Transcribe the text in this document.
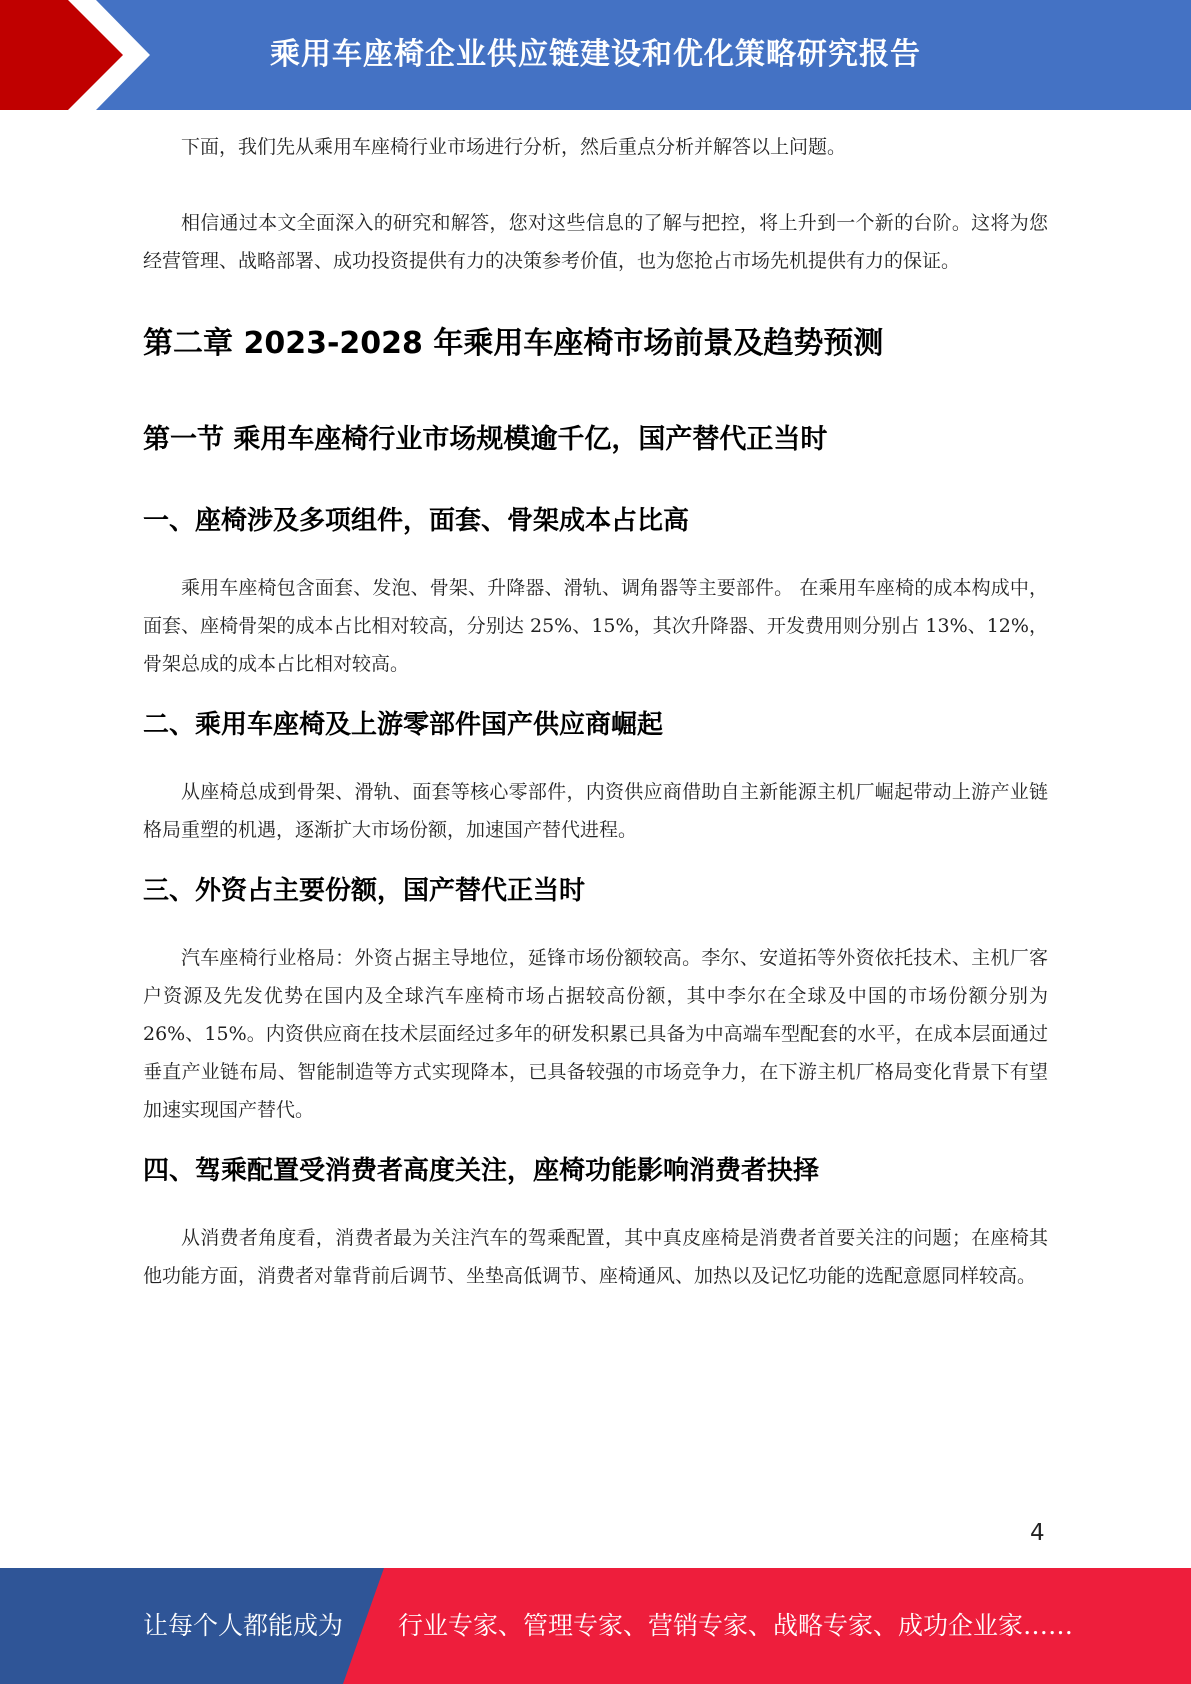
乘用车座椅企业供应链建设和优化策略研究报告

下面，我们先从乘用车座椅行业市场进行分析，然后重点分析并解答以上问题。

相信通过本文全面深入的研究和解答，您对这些信息的了解与把控，将上升到一个新的台阶。这将为您经营管理、战略部署、成功投资提供有力的决策参考价值，也为您抢占市场先机提供有力的保证。

第二章 2023-2028 年乘用车座椅市场前景及趋势预测
第一节 乘用车座椅行业市场规模逾千亿，国产替代正当时
一、座椅涉及多项组件，面套、骨架成本占比高

乘用车座椅包含面套、发泡、骨架、升降器、滑轨、调角器等主要部件。 在乘用车座椅的成本构成中，面套、座椅骨架的成本占比相对较高，分别达 25%、15%，其次升降器、开发费用则分别占 13%、12%，骨架总成的成本占比相对较高。

二、乘用车座椅及上游零部件国产供应商崛起

从座椅总成到骨架、滑轨、面套等核心零部件，内资供应商借助自主新能源主机厂崛起带动上游产业链格局重塑的机遇，逐渐扩大市场份额，加速国产替代进程。

三、外资占主要份额，国产替代正当时

汽车座椅行业格局：外资占据主导地位，延锋市场份额较高。李尔、安道拓等外资依托技术、主机厂客户资源及先发优势在国内及全球汽车座椅市场占据较高份额，其中李尔在全球及中国的市场份额分别为 26%、15%。内资供应商在技术层面经过多年的研发积累已具备为中高端车型配套的水平，在成本层面通过垂直产业链布局、智能制造等方式实现降本，已具备较强的市场竞争力，在下游主机厂格局变化背景下有望加速实现国产替代。

四、驾乘配置受消费者高度关注，座椅功能影响消费者抉择

从消费者角度看，消费者最为关注汽车的驾乘配置，其中真皮座椅是消费者首要关注的问题；在座椅其他功能方面，消费者对靠背前后调节、坐垫高低调节、座椅通风、加热以及记忆功能的选配意愿同样较高。

4
让每个人都能成为 行业专家、管理专家、营销专家、战略专家、成功企业家……
